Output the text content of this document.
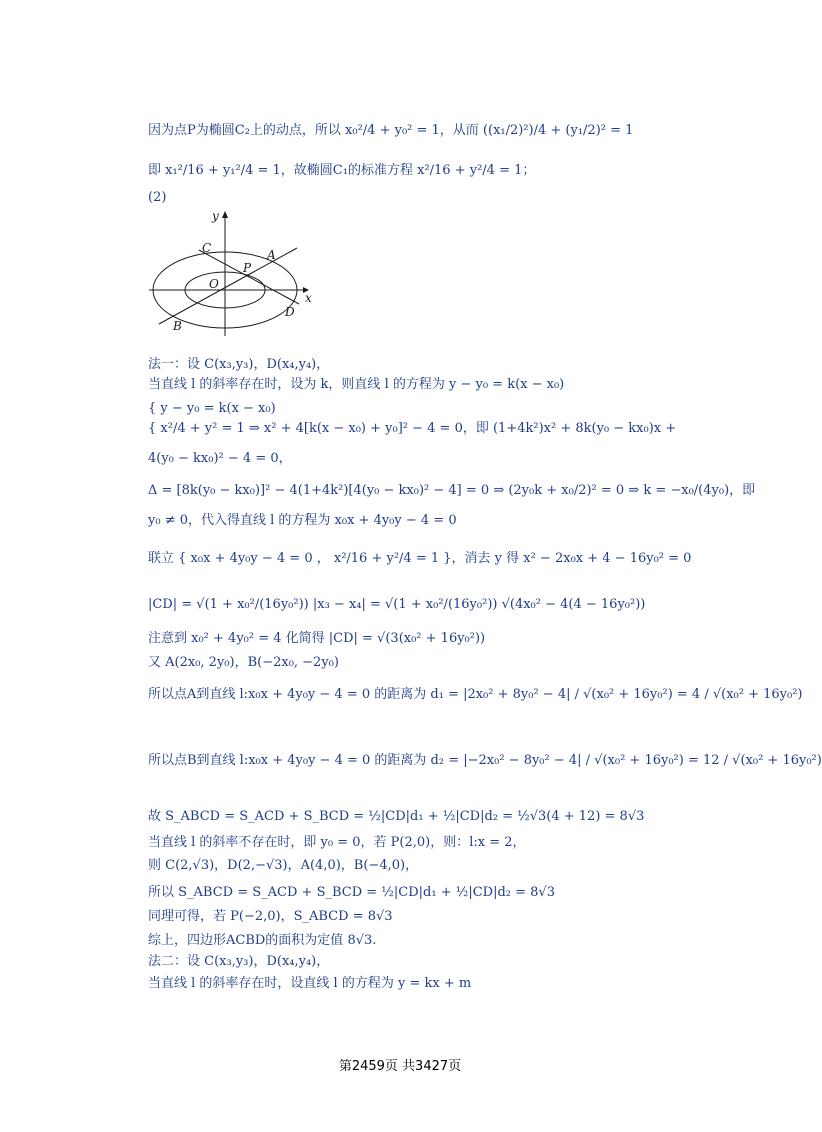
因为点P为椭圆C₂上的动点，所以 x₀²/4 + y₀² = 1，从而 ((x₁/2)²)/4 + (y₁/2)² = 1
即 x₁²/16 + y₁²/4 = 1，故椭圆C₁的标准方程 x²/16 + y²/4 = 1；
(2)
x
y
C	A
P
O
B
D
法一：设 C(x₃,y₃)，D(x₄,y₄)，
当直线 l 的斜率存在时，设为 k，则直线 l 的方程为 y − y₀ = k(x − x₀)
{ y − y₀ = k(x − x₀)
{ x²/4 + y² = 1 ⇒ x² + 4[k(x − x₀) + y₀]² − 4 = 0，即 (1+4k²)x² + 8k(y₀ − kx₀)x +
4(y₀ − kx₀)² − 4 = 0，
Δ = [8k(y₀ − kx₀)]² − 4(1+4k²)[4(y₀ − kx₀)² − 4] = 0 ⇒ (2y₀k + x₀/2)² = 0 ⇒ k = −x₀/(4y₀)，即
y₀ ≠ 0，代入得直线 l 的方程为 x₀x + 4y₀y − 4 = 0
联立 { x₀x + 4y₀y − 4 = 0 ， x²/16 + y²/4 = 1 }，消去 y 得 x² − 2x₀x + 4 − 16y₀² = 0
|CD| = √(1 + x₀²/(16y₀²)) |x₃ − x₄| = √(1 + x₀²/(16y₀²)) √(4x₀² − 4(4 − 16y₀²))
注意到 x₀² + 4y₀² = 4 化简得 |CD| = √(3(x₀² + 16y₀²))
又 A(2x₀, 2y₀)，B(−2x₀, −2y₀)
所以点A到直线 l:x₀x + 4y₀y − 4 = 0 的距离为 d₁ = |2x₀² + 8y₀² − 4| / √(x₀² + 16y₀²) = 4 / √(x₀² + 16y₀²)
所以点B到直线 l:x₀x + 4y₀y − 4 = 0 的距离为 d₂ = |−2x₀² − 8y₀² − 4| / √(x₀² + 16y₀²) = 12 / √(x₀² + 16y₀²)
故 S_ABCD = S_ACD + S_BCD = ½|CD|d₁ + ½|CD|d₂ = ½√3(4 + 12) = 8√3
当直线 l 的斜率不存在时，即 y₀ = 0，若 P(2,0)，则：l:x = 2，
则 C(2,√3)，D(2,−√3)，A(4,0)，B(−4,0)，
所以 S_ABCD = S_ACD + S_BCD = ½|CD|d₁ + ½|CD|d₂ = 8√3
同理可得，若 P(−2,0)，S_ABCD = 8√3
综上，四边形ACBD的面积为定值 8√3.
法二：设 C(x₃,y₃)，D(x₄,y₄)，
当直线 l 的斜率存在时，设直线 l 的方程为 y = kx + m
第2459页 共3427页
